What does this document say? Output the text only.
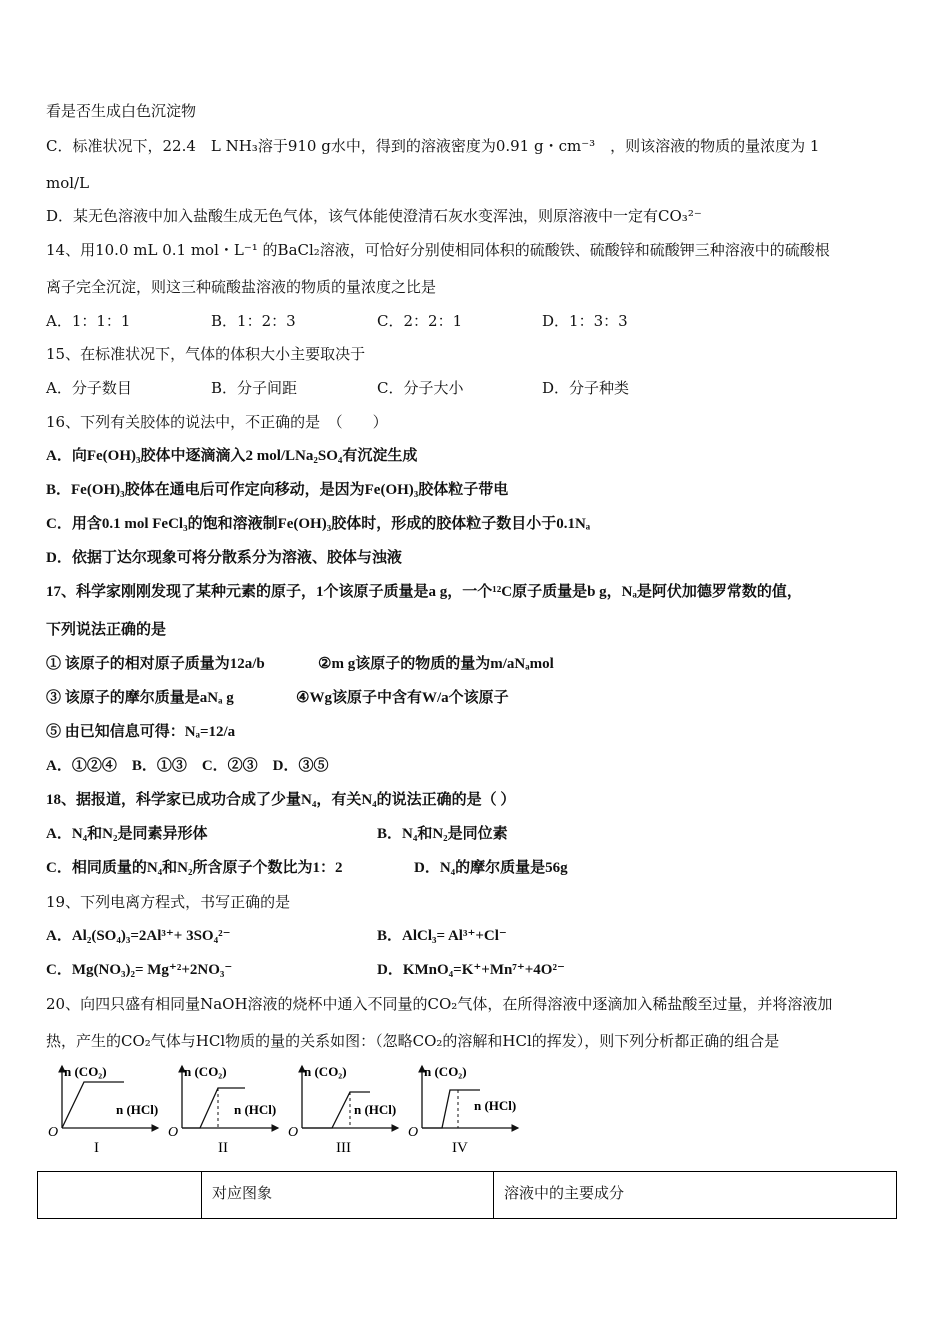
看是否生成白色沉淀物
C．标准状况下，22.4　L NH₃溶于910 g水中，得到的溶液密度为0.91 g・cm⁻³　，则该溶液的物质的量浓度为 1
mol/L
D．某无色溶液中加入盐酸生成无色气体，该气体能使澄清石灰水变浑浊，则原溶液中一定有CO₃²⁻
14、用10.0 mL 0.1 mol・L⁻¹ 的BaCl₂溶液，可恰好分别使相同体积的硫酸铁、硫酸锌和硫酸钾三种溶液中的硫酸根
离子完全沉淀，则这三种硫酸盐溶液的物质的量浓度之比是
A．1：1：1	B．1：2：3	C．2：2：1	D．1：3：3
15、在标准状况下，气体的体积大小主要取决于
A．分子数目	B．分子间距	C．分子大小	D．分子种类
16、下列有关胶体的说法中，不正确的是　（　　）
A．向Fe(OH)₃胶体中逐滴滴入2 mol/LNa₂SO₄有沉淀生成
B．Fe(OH)₃胶体在通电后可作定向移动，是因为Fe(OH)₃胶体粒子带电
C．用含0.1 mol FeCl₃的饱和溶液制Fe(OH)₃胶体时，形成的胶体粒子数目小于0.1Nₐ
D．依据丁达尔现象可将分散系分为溶液、胶体与浊液
17、科学家刚刚发现了某种元素的原子，1个该原子质量是a g，一个¹²C原子质量是b g，Nₐ是阿伏加德罗常数的值，
下列说法正确的是
① 该原子的相对原子质量为12a/b	②m g该原子的物质的量为m/aNₐmol
③ 该原子的摩尔质量是aNₐ g	④Wg该原子中含有W/a个该原子
⑤ 由已知信息可得：Nₐ=12/a
A．①②④　B．①③　C．②③　D．③⑤
18、据报道，科学家已成功合成了少量N₄，有关N₄的说法正确的是（ ）
A．N₄和N₂是同素异形体	B．N₄和N₂是同位素
C．相同质量的N₄和N₂所含原子个数比为1：2	D．N₄的摩尔质量是56g
19、下列电离方程式，书写正确的是
A．Al₂(SO₄)₃=2Al³⁺+ 3SO₄²⁻	B．AlCl₃= Al³⁺+Cl⁻
C．Mg(NO₃)₂= Mg⁺²+2NO₃⁻	D．KMnO₄=K⁺+Mn⁷⁺+4O²⁻
20、向四只盛有相同量NaOH溶液的烧杯中通入不同量的CO₂气体，在所得溶液中逐滴加入稀盐酸至过量，并将溶液加
热，产生的CO₂气体与HCl物质的量的关系如图：（忽略CO₂的溶解和HCl的挥发），则下列分析都正确的组合是
n (CO₂)
n (HCl)
O
I
n (CO₂)
n (HCl)
O
II
n (CO₂)
n (HCl)
O
III
n (CO₂)
n (HCl)
O
IV
	对应图象	溶液中的主要成分
